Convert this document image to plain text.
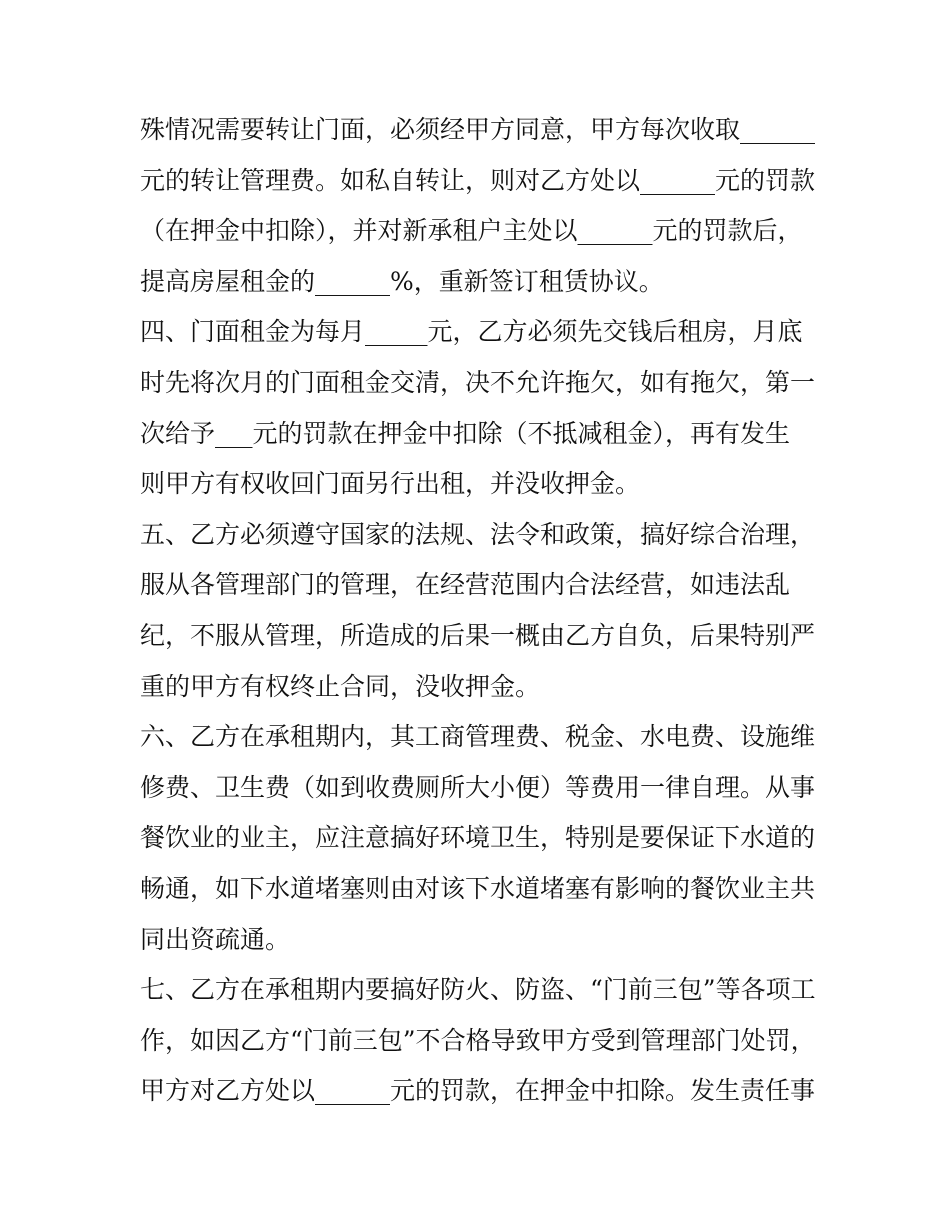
殊情况需要转让门面，必须经甲方同意，甲方每次收取______
元的转让管理费。如私自转让，则对乙方处以______元的罚款
（在押金中扣除），并对新承租户主处以______元的罚款后，
提高房屋租金的______%，重新签订租赁协议。
四、门面租金为每月_____元，乙方必须先交钱后租房，月底
时先将次月的门面租金交清，决不允许拖欠，如有拖欠，第一
次给予___元的罚款在押金中扣除（不抵减租金），再有发生
则甲方有权收回门面另行出租，并没收押金。
五、乙方必须遵守国家的法规、法令和政策，搞好综合治理，
服从各管理部门的管理，在经营范围内合法经营，如违法乱
纪，不服从管理，所造成的后果一概由乙方自负，后果特别严
重的甲方有权终止合同，没收押金。
六、乙方在承租期内，其工商管理费、税金、水电费、设施维
修费、卫生费（如到收费厕所大小便）等费用一律自理。从事
餐饮业的业主，应注意搞好环境卫生，特别是要保证下水道的
畅通，如下水道堵塞则由对该下水道堵塞有影响的餐饮业主共
同出资疏通。
七、乙方在承租期内要搞好防火、防盗、“门前三包”等各项工
作，如因乙方“门前三包”不合格导致甲方受到管理部门处罚，
甲方对乙方处以______元的罚款，在押金中扣除。发生责任事
